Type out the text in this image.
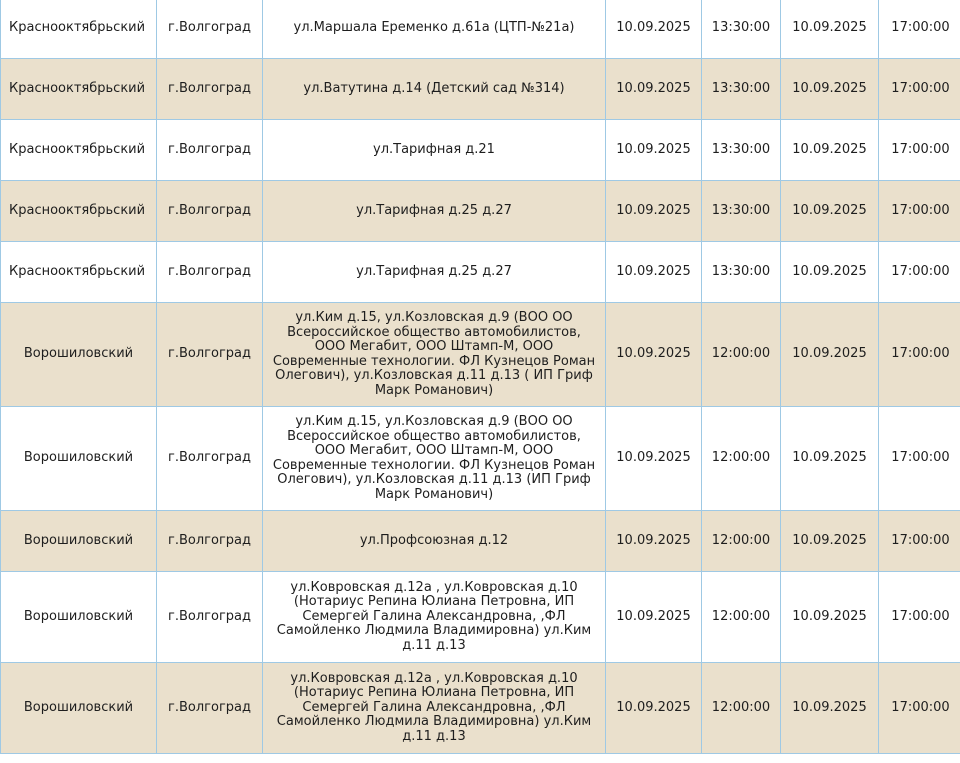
Краснооктябрьский	г.Волгоград	ул.Маршала Еременко д.61а (ЦТП-№21а)	10.09.2025	13:30:00	10.09.2025	17:00:00
Краснооктябрьский	г.Волгоград	ул.Ватутина д.14 (Детский сад №314)	10.09.2025	13:30:00	10.09.2025	17:00:00
Краснооктябрьский	г.Волгоград	ул.Тарифная д.21	10.09.2025	13:30:00	10.09.2025	17:00:00
Краснооктябрьский	г.Волгоград	ул.Тарифная д.25 д.27	10.09.2025	13:30:00	10.09.2025	17:00:00
Краснооктябрьский	г.Волгоград	ул.Тарифная д.25 д.27	10.09.2025	13:30:00	10.09.2025	17:00:00
Ворошиловский	г.Волгоград	ул.Ким д.15, ул.Козловская д.9 (ВОО ОО Всероссийское общество автомобилистов, ООО Мегабит, ООО Штамп-М, ООО Современные технологии. ФЛ Кузнецов Роман Олегович), ул.Козловская д.11 д.13 ( ИП Гриф Марк Романович)	10.09.2025	12:00:00	10.09.2025	17:00:00
Ворошиловский	г.Волгоград	ул.Ким д.15, ул.Козловская д.9 (ВОО ОО Всероссийское общество автомобилистов, ООО Мегабит, ООО Штамп-М, ООО Современные технологии. ФЛ Кузнецов Роман Олегович), ул.Козловская д.11 д.13 (ИП Гриф Марк Романович)	10.09.2025	12:00:00	10.09.2025	17:00:00
Ворошиловский	г.Волгоград	ул.Профсоюзная д.12	10.09.2025	12:00:00	10.09.2025	17:00:00
Ворошиловский	г.Волгоград	ул.Ковровская д.12а , ул.Ковровская д.10 (Нотариус Репина Юлиана Петровна, ИП Семергей Галина Александровна, ,ФЛ Самойленко Людмила Владимировна) ул.Ким д.11 д.13	10.09.2025	12:00:00	10.09.2025	17:00:00
Ворошиловский	г.Волгоград	ул.Ковровская д.12а , ул.Ковровская д.10 (Нотариус Репина Юлиана Петровна, ИП Семергей Галина Александровна, ,ФЛ Самойленко Людмила Владимировна) ул.Ким д.11 д.13	10.09.2025	12:00:00	10.09.2025	17:00:00
